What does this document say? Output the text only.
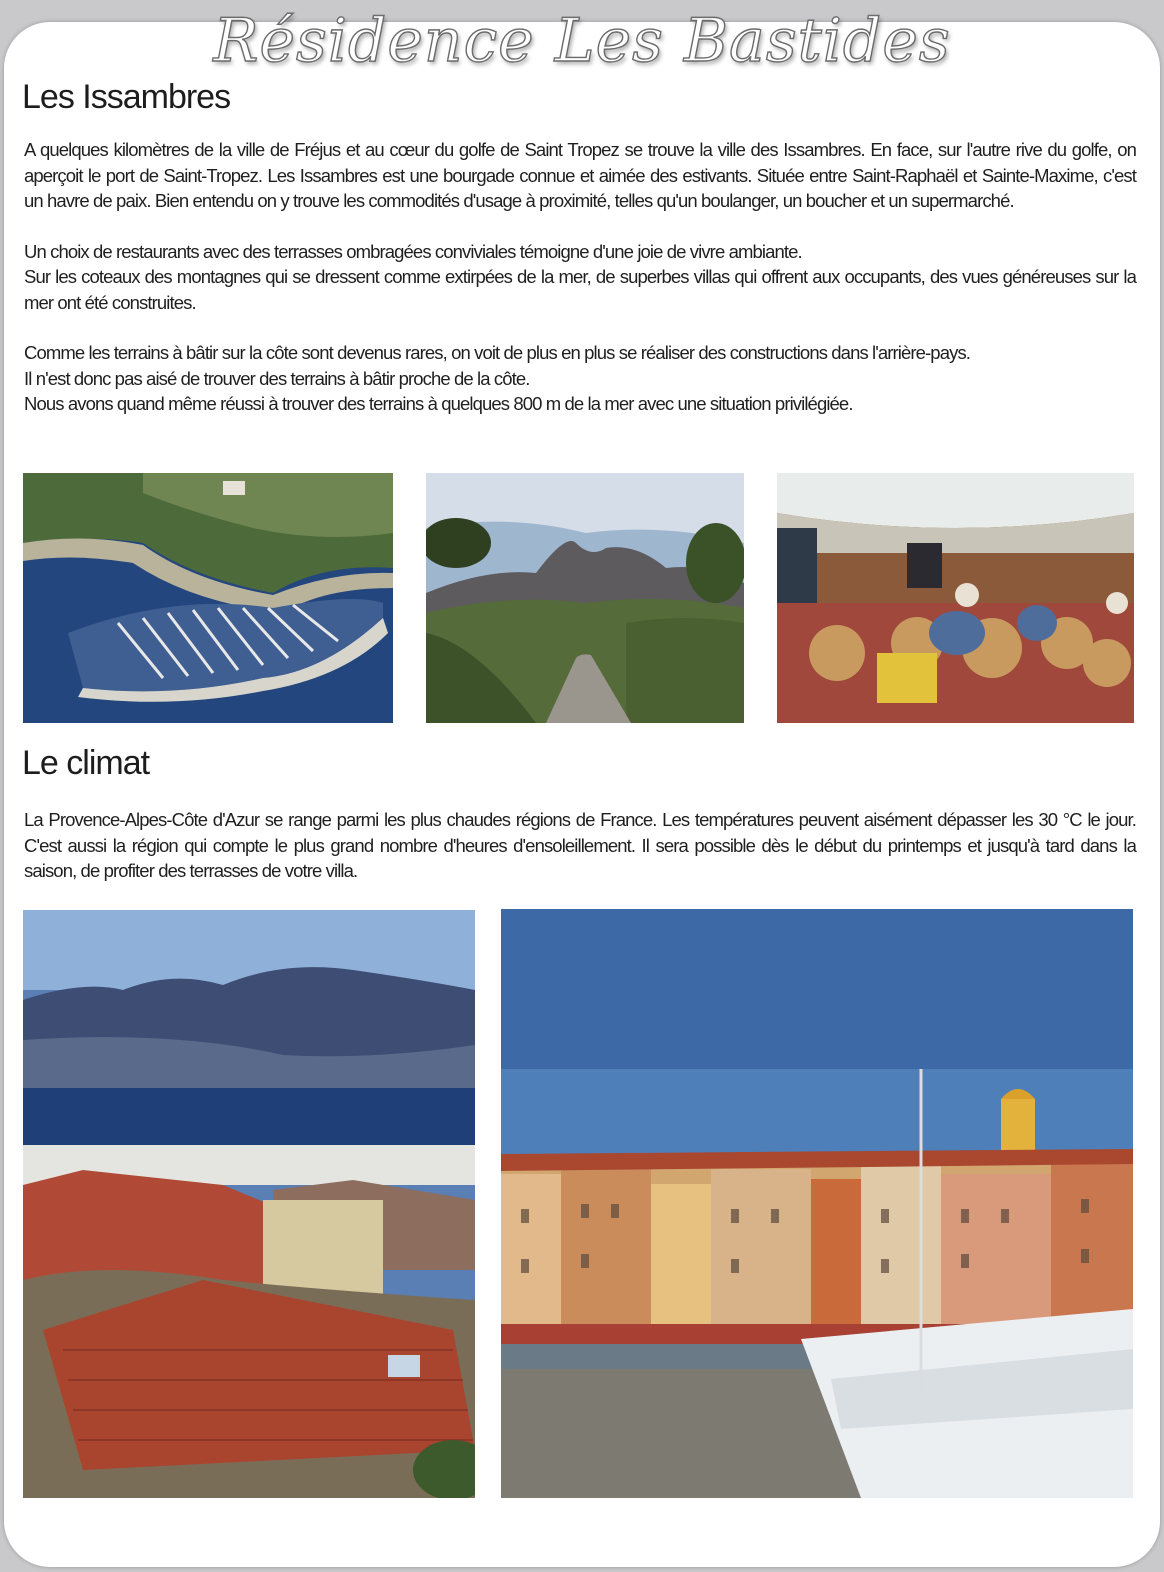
Résidence Les Bastides
Les Issambres
A quelques kilomètres de la ville de Fréjus et au cœur du golfe de Saint Tropez se trouve la ville des Issambres. En face, sur l'autre rive du golfe, on aperçoit le port de Saint-Tropez. Les Issambres est une bourgade connue et aimée des estivants. Située entre Saint-Raphaël et Sainte-Maxime, c'est un havre de paix. Bien entendu on y trouve les commodités d'usage à proximité, telles qu'un boulanger, un boucher et un supermarché.
Un choix de restaurants avec des terrasses ombragées conviviales témoigne d'une joie de vivre ambiante.
Sur les coteaux des montagnes qui se dressent comme extirpées de la mer, de superbes villas qui offrent aux occupants, des vues généreuses sur la mer ont été construites.
Comme les terrains à bâtir sur la côte sont devenus rares, on voit de plus en plus se réaliser des constructions dans l'arrière-pays.
Il n'est donc pas aisé de trouver des terrains à bâtir proche de la côte.
Nous avons quand même réussi à trouver des terrains à quelques 800 m de la mer avec une situation privilégiée.
Le climat
La Provence-Alpes-Côte d'Azur se range parmi les plus chaudes régions de France. Les températures peuvent aisément dépasser les 30 °C le jour. C'est aussi la région qui compte le plus grand nombre d'heures d'ensoleillement. Il sera possible dès le début du printemps et jusqu'à tard dans la saison, de profiter des terrasses de votre villa.
